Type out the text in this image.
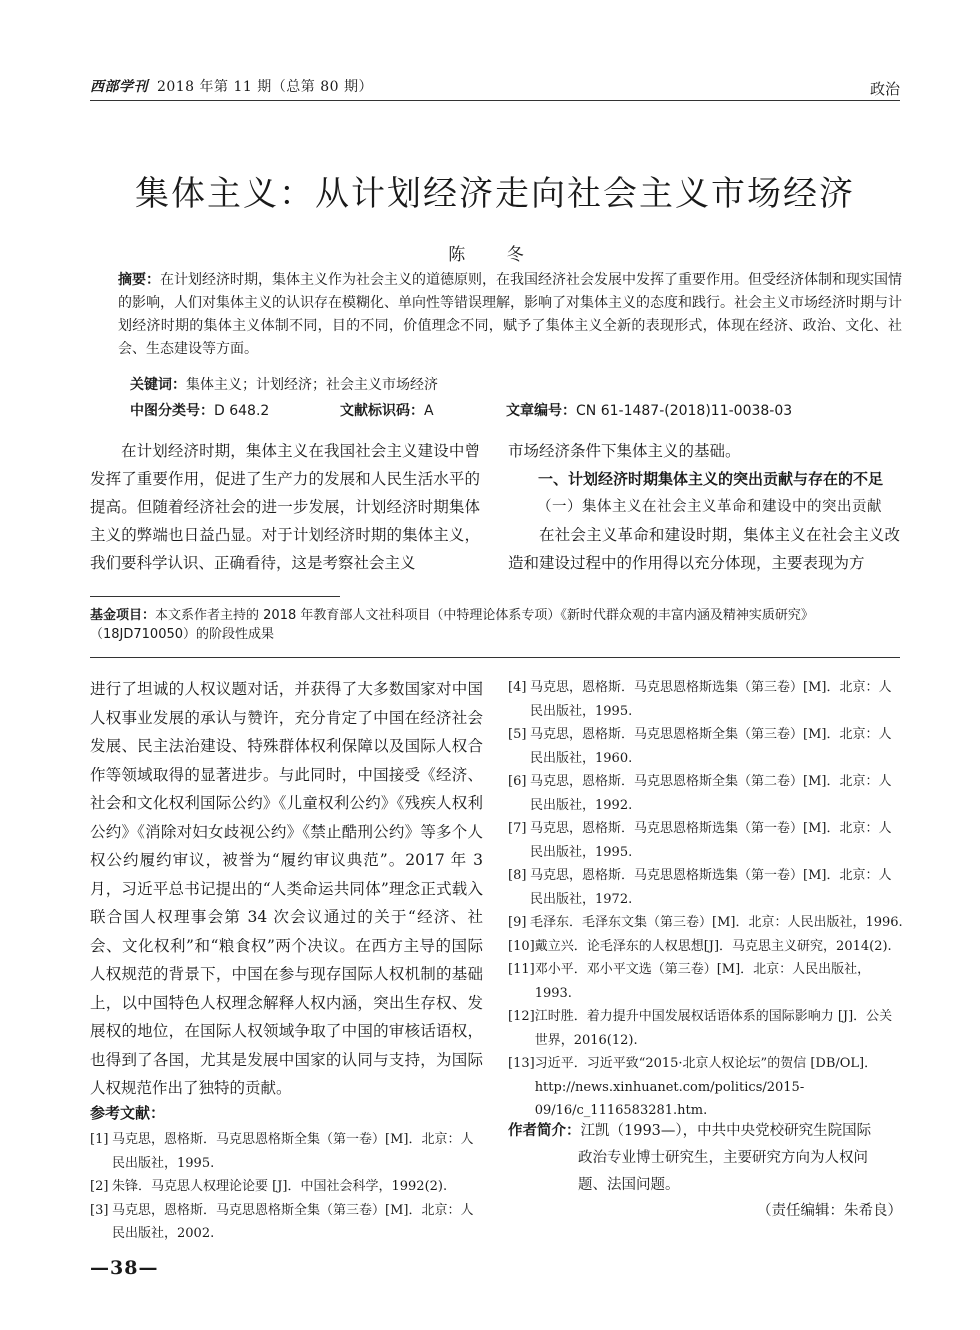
西部学刊 2018 年第 11 期（总第 80 期）	政治
集体主义：从计划经济走向社会主义市场经济
陈 冬
摘要：在计划经济时期，集体主义作为社会主义的道德原则，在我国经济社会发展中发挥了重要作用。但受经济体制和现实国情的影响，人们对集体主义的认识存在模糊化、单向性等错误理解，影响了对集体主义的态度和践行。社会主义市场经济时期与计划经济时期的集体主义体制不同，目的不同，价值理念不同，赋予了集体主义全新的表现形式，体现在经济、政治、文化、社会、生态建设等方面。
关键词：集体主义；计划经济；社会主义市场经济
中图分类号：D 648.2	文献标识码：A	文章编号：CN 61-1487-(2018)11-0038-03

在计划经济时期，集体主义在我国社会主义建设中曾发挥了重要作用，促进了生产力的发展和人民生活水平的提高。但随着经济社会的进一步发展，计划经济时期集体主义的弊端也日益凸显。对于计划经济时期的集体主义，我们要科学认识、正确看待，这是考察社会主义

市场经济条件下集体主义的基础。

一、计划经济时期集体主义的突出贡献与存在的不足

（一）集体主义在社会主义革命和建设中的突出贡献

在社会主义革命和建设时期，集体主义在社会主义改造和建设过程中的作用得以充分体现，主要表现为方

基金项目：本文系作者主持的 2018 年教育部人文社科项目（中特理论体系专项）《新时代群众观的丰富内涵及精神实质研究》（18JD710050）的阶段性成果

进行了坦诚的人权议题对话，并获得了大多数国家对中国人权事业发展的承认与赞许，充分肯定了中国在经济社会发展、民主法治建设、特殊群体权利保障以及国际人权合作等领域取得的显著进步。与此同时，中国接受《经济、社会和文化权利国际公约》《儿童权利公约》《残疾人权利公约》《消除对妇女歧视公约》《禁止酷刑公约》等多个人权公约履约审议，被誉为“履约审议典范”。2017 年 3 月，习近平总书记提出的“人类命运共同体”理念正式载入联合国人权理事会第 34 次会议通过的关于“经济、社会、文化权利”和“粮食权”两个决议。在西方主导的国际人权规范的背景下，中国在参与现存国际人权机制的基础上，以中国特色人权理念解释人权内涵，突出生存权、发展权的地位，在国际人权领域争取了中国的审核话语权，也得到了各国，尤其是发展中国家的认同与支持，为国际人权规范作出了独特的贡献。

[4] 马克思，恩格斯．马克思恩格斯选集（第三卷）[M]．北京：人民出版社，1995.
[5] 马克思，恩格斯．马克思恩格斯全集（第三卷）[M]．北京：人民出版社，1960.
[6] 马克思，恩格斯．马克思恩格斯全集（第二卷）[M]．北京：人民出版社，1992.
[7] 马克思，恩格斯．马克思恩格斯选集（第一卷）[M]．北京：人民出版社，1995.
[8] 马克思，恩格斯．马克思恩格斯选集（第一卷）[M]．北京：人民出版社，1972.
[9] 毛泽东．毛泽东文集（第三卷）[M]．北京：人民出版社，1996.
[10] 戴立兴．论毛泽东的人权思想[J]．马克思主义研究，2014(2).
[11] 邓小平．邓小平文选（第三卷）[M]．北京：人民出版社，1993.
[12] 江时胜．着力提升中国发展权话语体系的国际影响力 [J]．公关世界，2016(12).
[13] 习近平．习近平致“2015·北京人权论坛”的贺信 [DB/OL]．http://news.xinhuanet.com/politics/2015-09/16/c_1116583281.htm.
参考文献：
[1] 马克思，恩格斯．马克思恩格斯全集（第一卷）[M]．北京：人民出版社，1995.
[2] 朱锋．马克思人权理论论要 [J]．中国社会科学，1992(2).
[3] 马克思，恩格斯．马克思恩格斯全集（第三卷）[M]．北京：人民出版社，2002.
作者简介：江凯（1993—），中共中央党校研究生院国际
政治专业博士研究生，主要研究方向为人权问
题、法国问题。
（责任编辑：朱希良）
—38—
